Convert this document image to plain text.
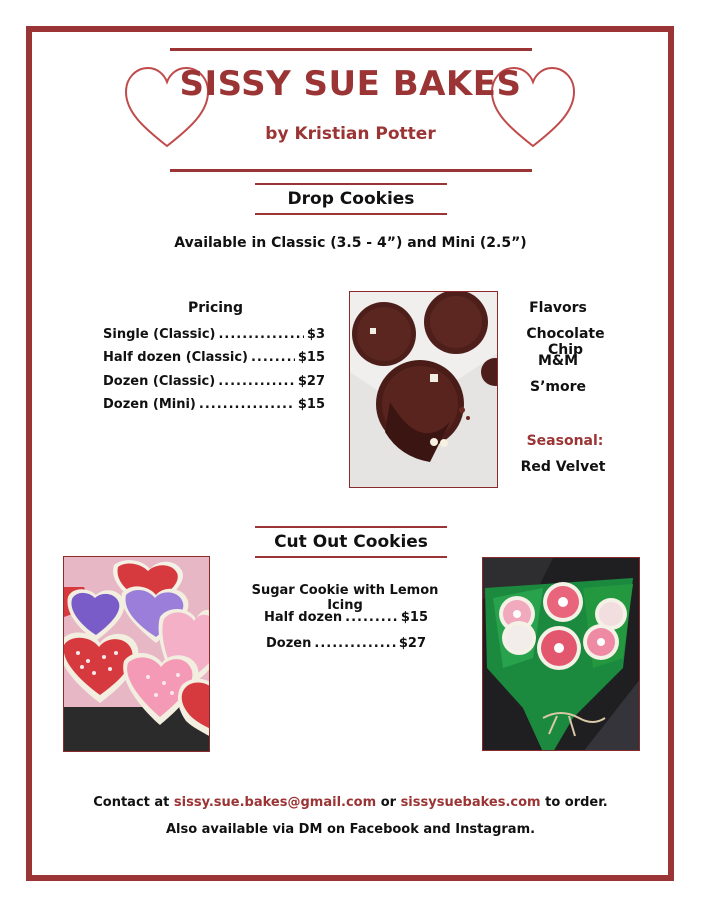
SISSY SUE BAKES
by Kristian Potter
Drop Cookies
Available in Classic (3.5 - 4”) and Mini (2.5”)
Pricing
Single (Classic) .....	$3
Half dozen (Classic) .....	$15
Dozen (Classic) .....	$27
Dozen (Mini) .....	$15
Flavors
Chocolate Chip
M&M
S’more
Seasonal:
Red Velvet
Cut Out Cookies
Sugar Cookie with Lemon Icing
Half dozen .....	$15
Dozen .....	$27
Contact at sissy.sue.bakes@gmail.com or sissysuebakes.com to order.
Also available via DM on Facebook and Instagram.
